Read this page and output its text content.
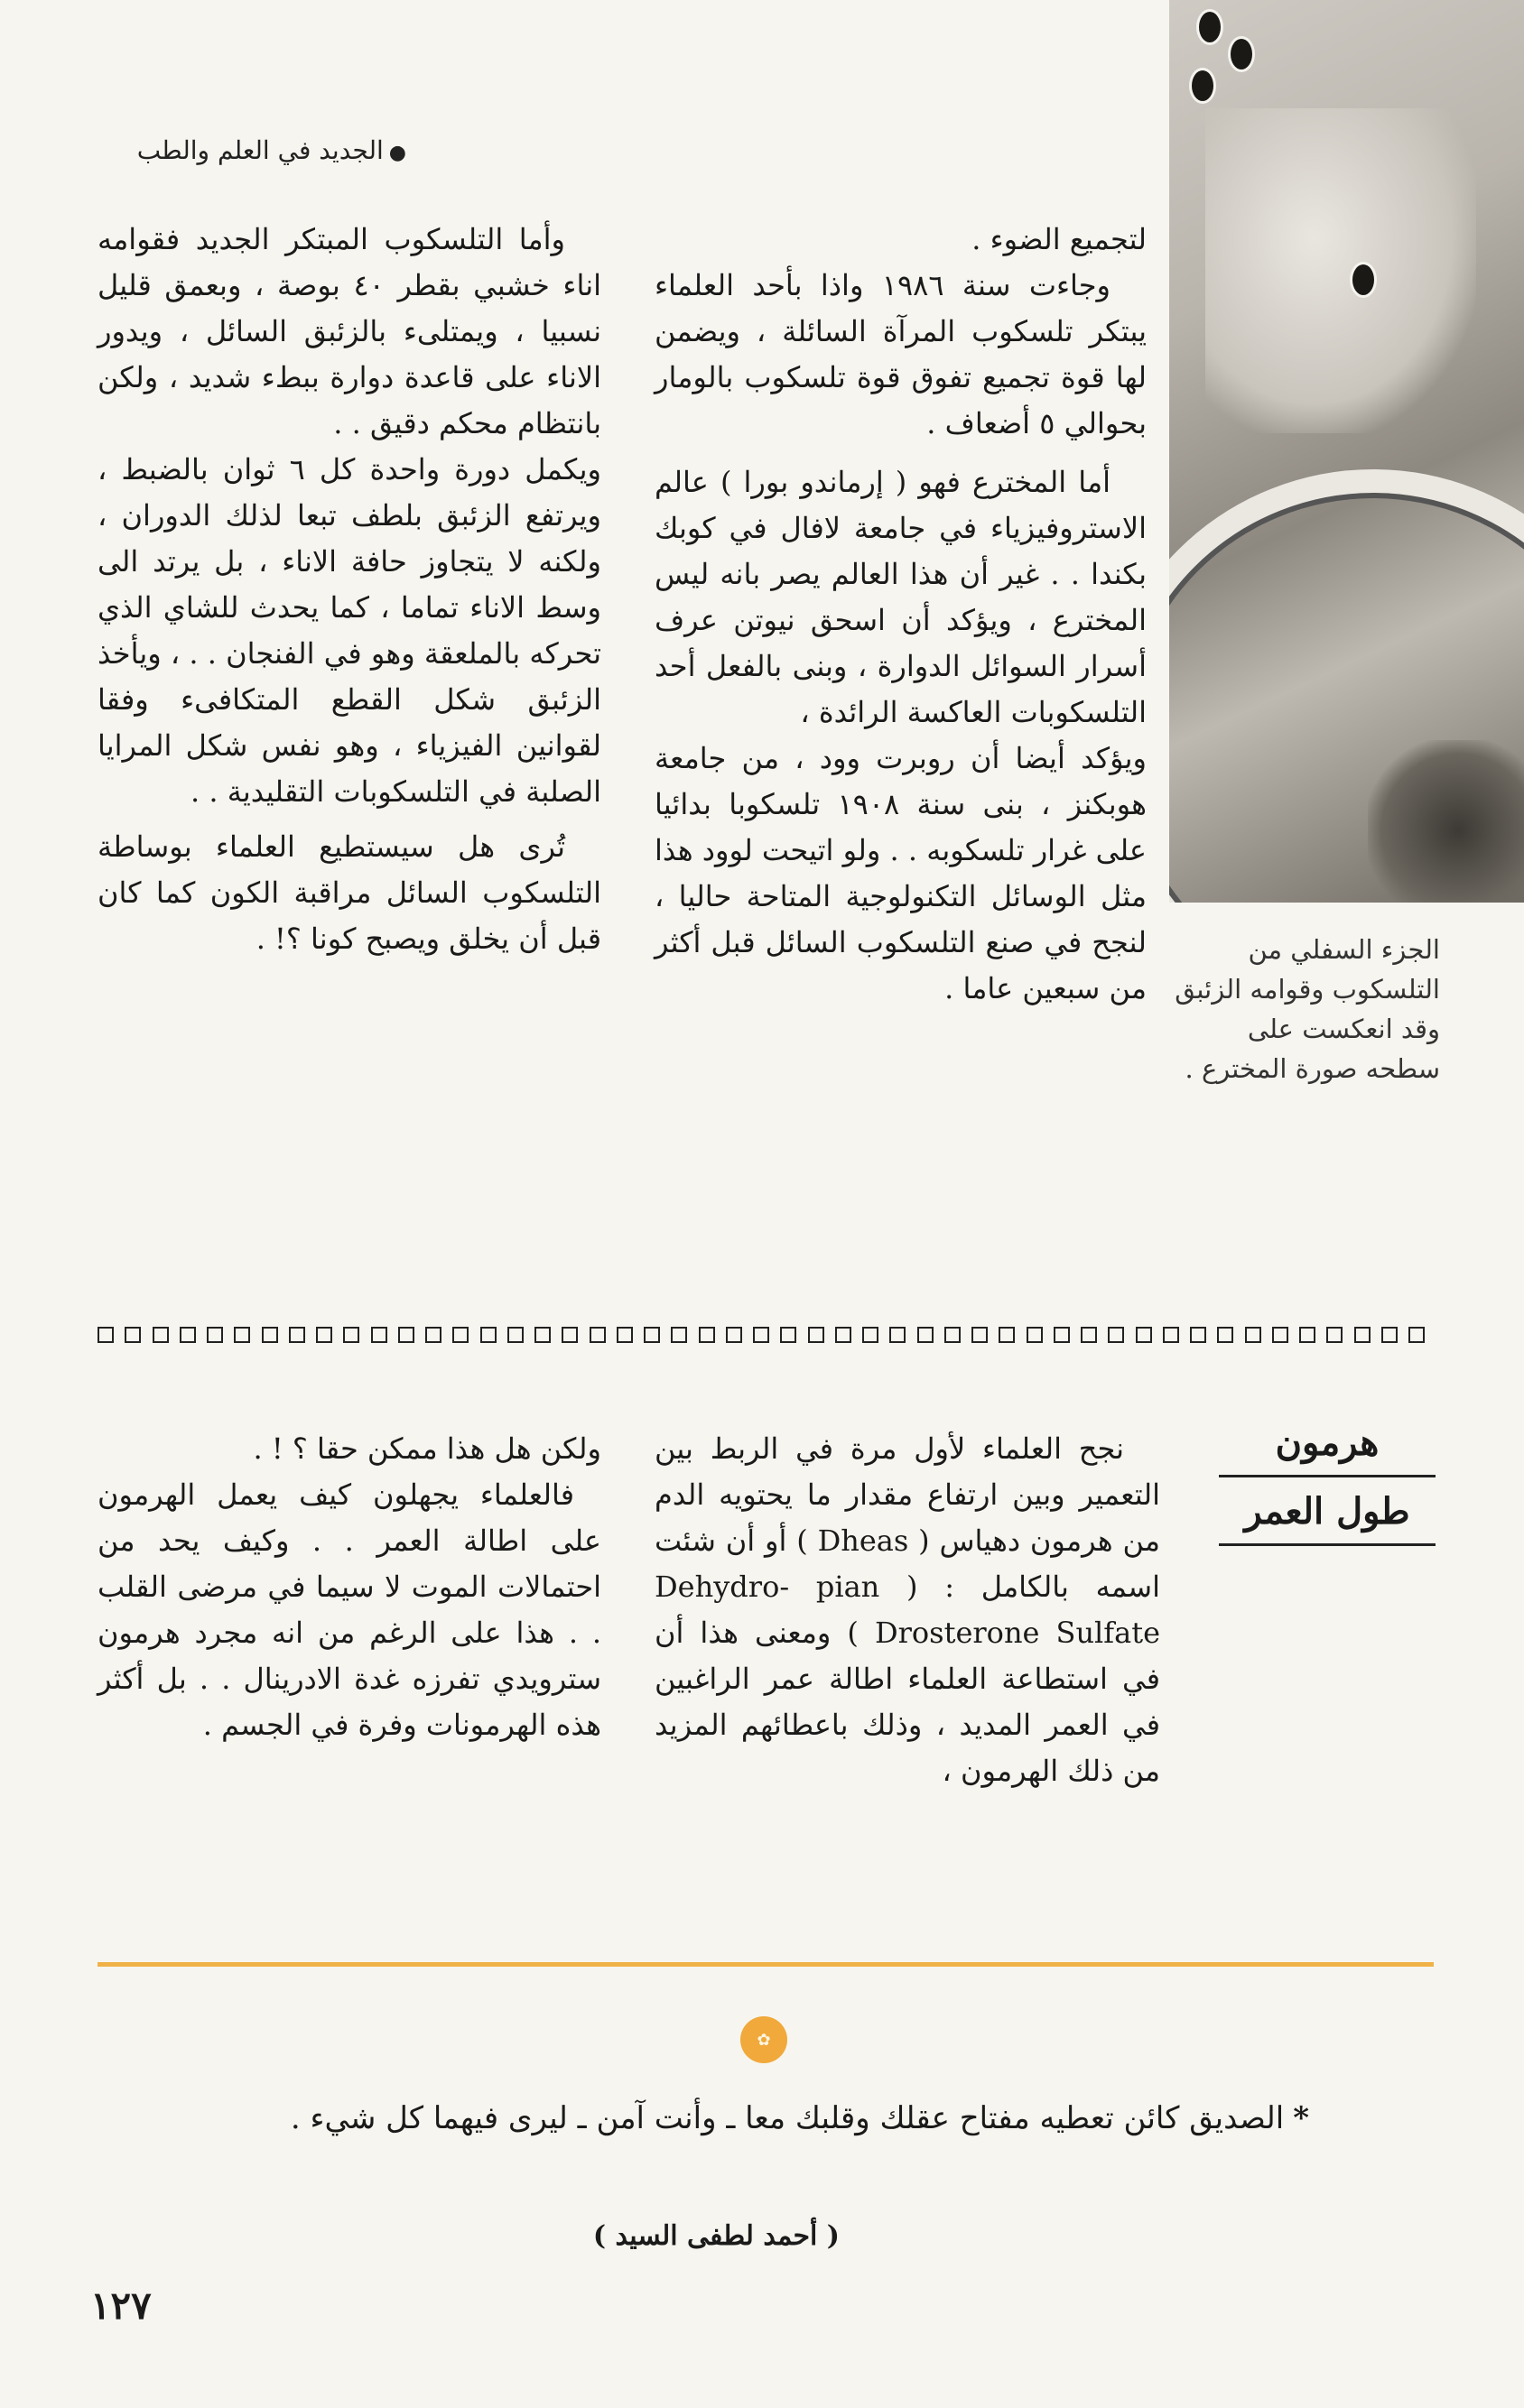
●الجديد في العلم والطب

لتجميع الضوء .

وجاءت سنة ١٩٨٦ واذا بأحد العلماء يبتكر تلسكوب المرآة السائلة ، ويضمن لها قوة تجميع تفوق قوة تلسكوب بالومار بحوالي ٥ أضعاف .

أما المخترع فهو ( إرماندو بورا ) عالم الاستروفيزياء في جامعة لافال في كوبك بكندا . . غير أن هذا العالم يصر بانه ليس المخترع ، ويؤكد أن اسحق نيوتن عرف أسرار السوائل الدوارة ، وبنى بالفعل أحد التلسكوبات العاكسة الرائدة ،

ويؤكد أيضا أن روبرت وود ، من جامعة هوبكنز ، بنى سنة ١٩٠٨ تلسكوبا بدائيا على غرار تلسكوبه . . ولو اتيحت لوود هذا مثل الوسائل التكنولوجية المتاحة حاليا ، لنجح في صنع التلسكوب السائل قبل أكثر من سبعين عاما .

وأما التلسكوب المبتكر الجديد فقوامه اناء خشبي بقطر ٤٠ بوصة ، وبعمق قليل نسبيا ، ويمتلىء بالزئبق السائل ، ويدور الاناء على قاعدة دوارة ببطء شديد ، ولكن بانتظام محكم دقيق . .

ويكمل دورة واحدة كل ٦ ثوان بالضبط ، ويرتفع الزئبق بلطف تبعا لذلك الدوران ، ولكنه لا يتجاوز حافة الاناء ، بل يرتد الى وسط الاناء تماما ، كما يحدث للشاي الذي تحركه بالملعقة وهو في الفنجان . . ، ويأخذ الزئبق شكل القطع المتكافىء وفقا لقوانين الفيزياء ، وهو نفس شكل المرايا الصلبة في التلسكوبات التقليدية . .

تُرى هل سيستطيع العلماء بوساطة التلسكوب السائل مراقبة الكون كما كان قبل أن يخلق ويصبح كونا ؟! .	الجزء السفلي من التلسكوب وقوامه الزئبق وقد انعكست على سطحه صورة المخترع .
هرمون
طول العمر

نجح العلماء لأول مرة في الربط بين التعمير وبين ارتفاع مقدار ما يحتويه الدم من هرمون دهياس ( Dheas ) أو أن شئت اسمه بالكامل : ( Dehydro- pian Drosterone Sulfate ) ومعنى هذا أن في استطاعة العلماء اطالة عمر الراغبين في العمر المديد ، وذلك باعطائهم المزيد من ذلك الهرمون ،

ولكن هل هذا ممكن حقا ؟ ! .

فالعلماء يجهلون كيف يعمل الهرمون على اطالة العمر . . وكيف يحد من احتمالات الموت لا سيما في مرضى القلب . . هذا على الرغم من انه مجرد هرمون سترويدي تفرزه غدة الادرينال . . بل أكثر هذه الهرمونات وفرة في الجسم .

✿
*الصديق كائن تعطيه مفتاح عقلك وقلبك معا ـ وأنت آمن ـ ليرى فيهما كل شيء .
( أحمد لطفى السيد )
١٢٧
